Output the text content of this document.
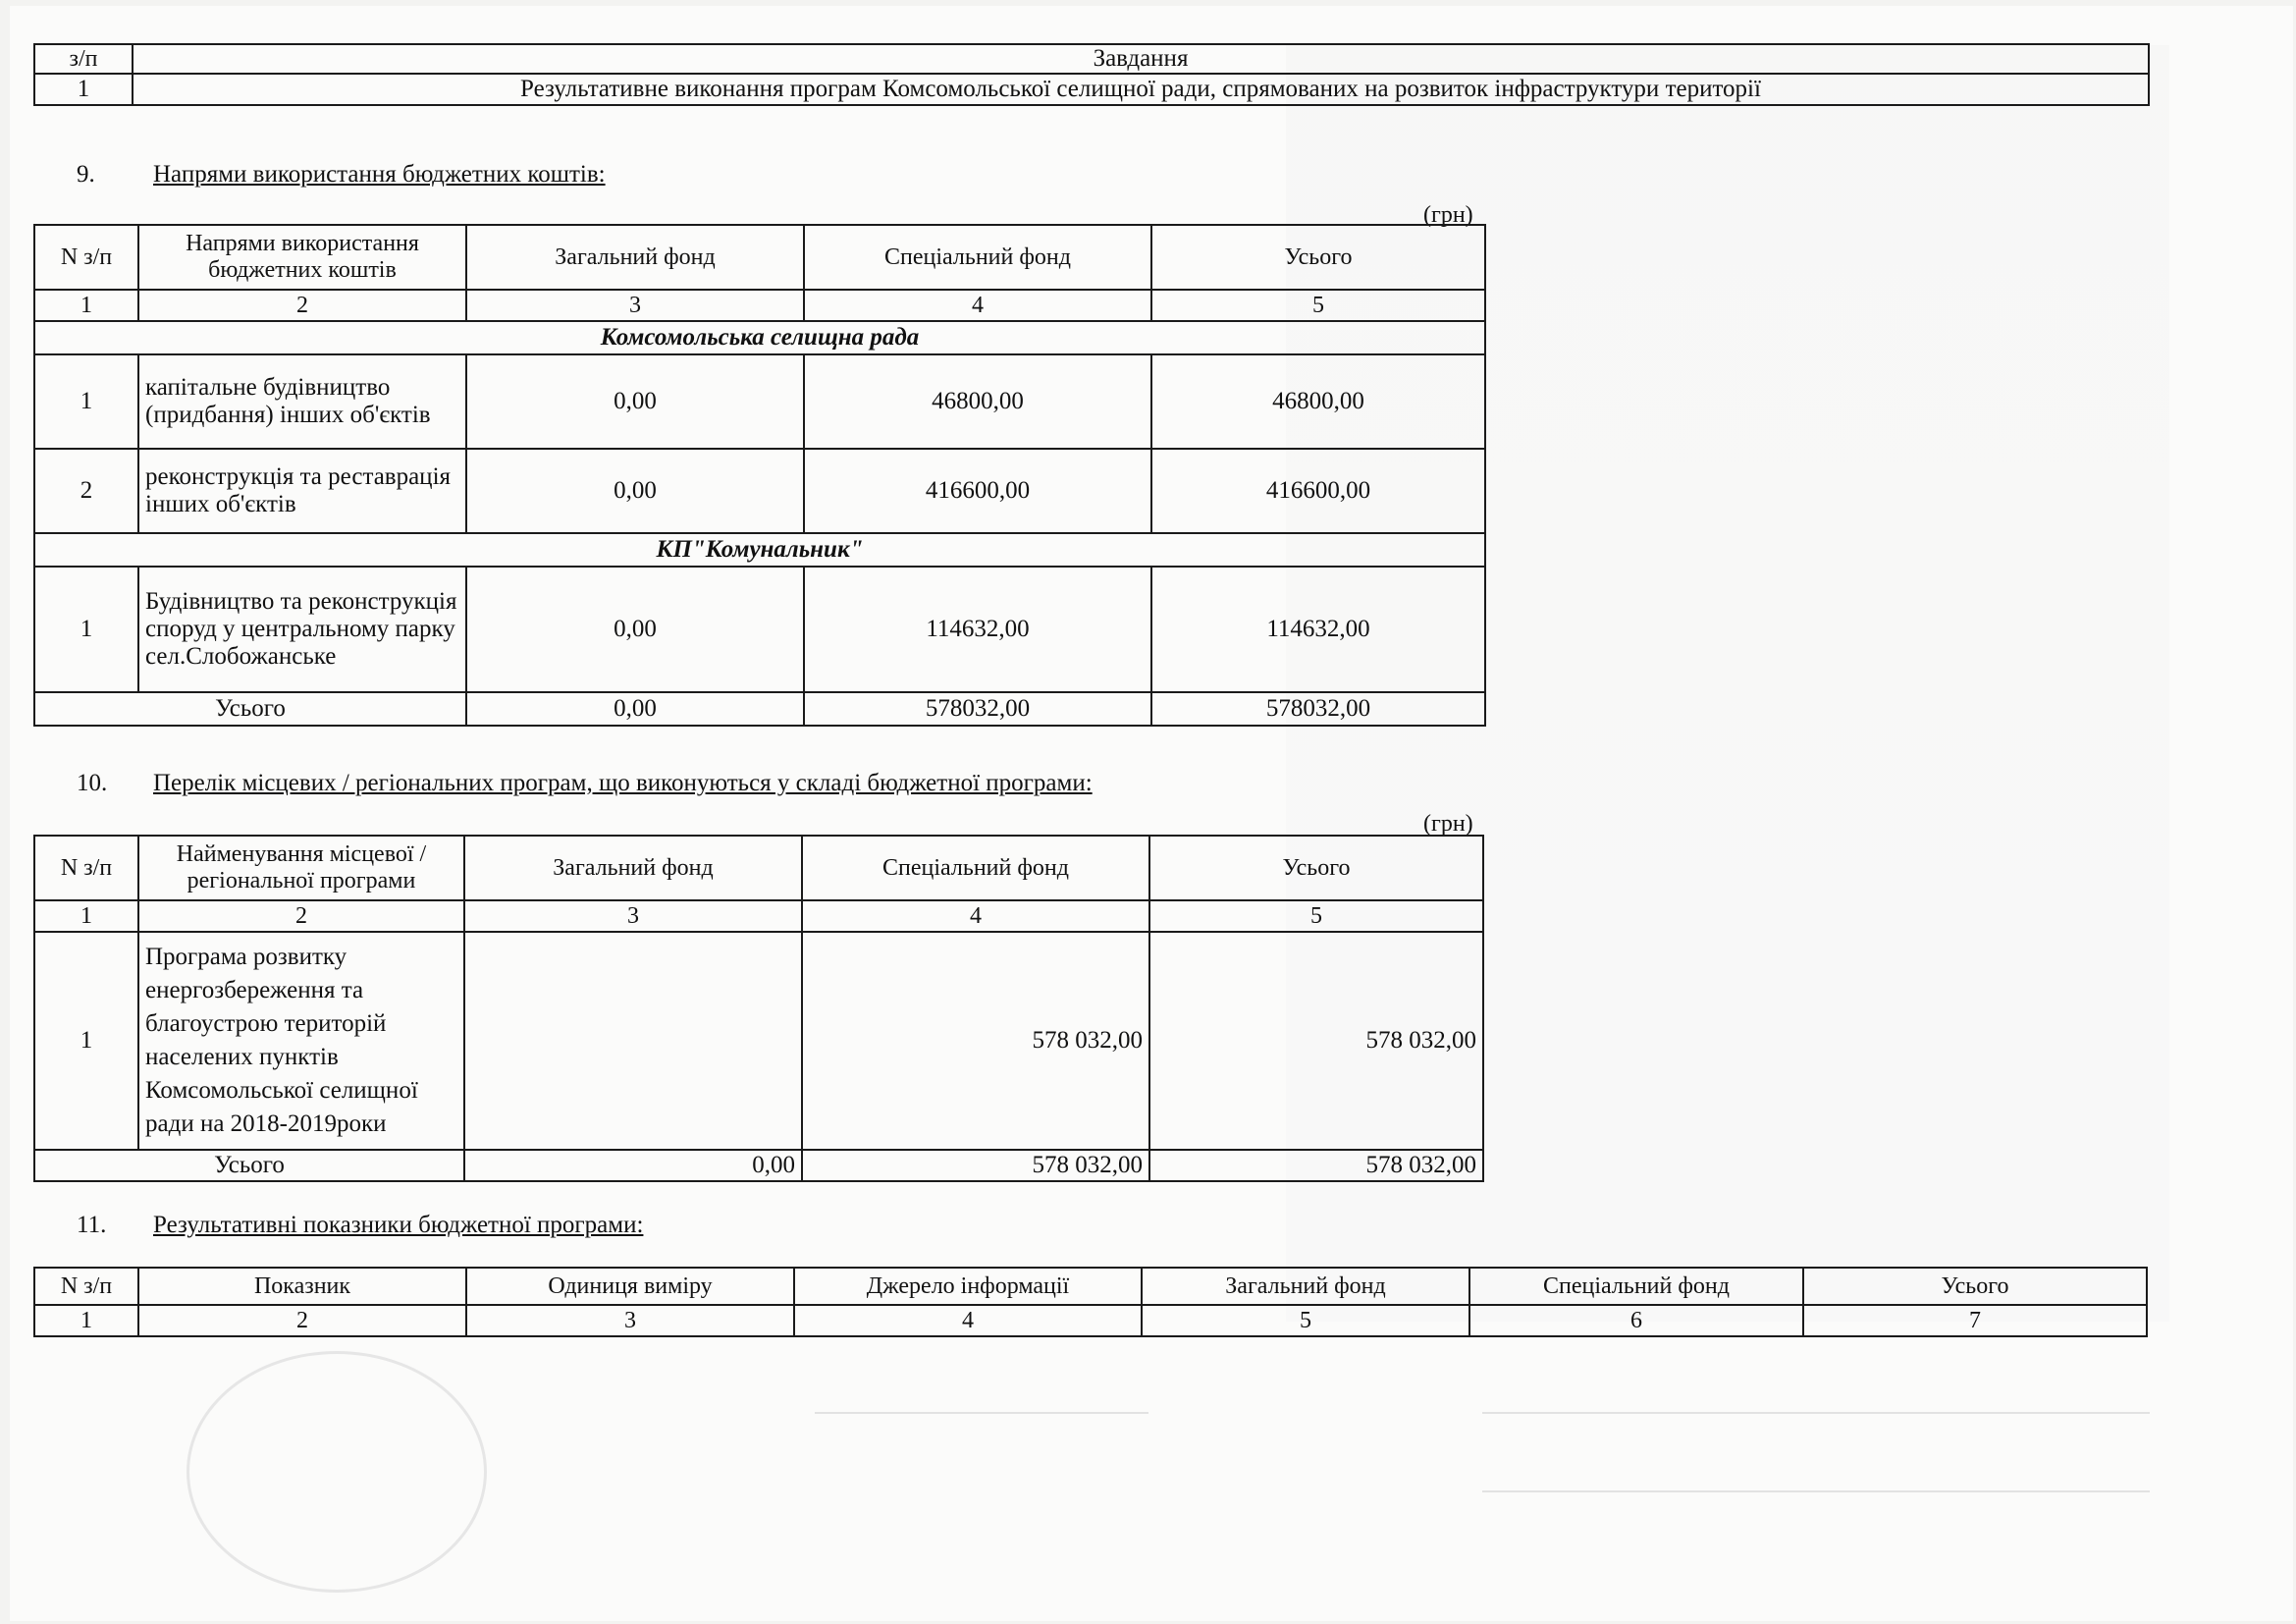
з/п	Завдання
1	Результативне виконання програм Комсомольської селищної ради, спрямованих на розвиток інфраструктури території
9. Напрями використання бюджетних коштів:
(грн)
N з/п	Напрями використання бюджетних коштів	Загальний фонд	Спеціальний фонд	Усього
1	2	3	4	5
Комсомольська селищна рада				
1	капітальне будівництво (придбання) інших об'єктів	0,00	46800,00	46800,00
2	реконструкція та реставрація інших об'єктів	0,00	416600,00	416600,00
КП"Комунальник"				
1	Будівництво та реконструкція споруд у центральному парку сел.Слобожанське	0,00	114632,00	114632,00
Усього		0,00	578032,00	578032,00
10. Перелік місцевих / регіональних програм, що виконуються у складі бюджетної програми:
(грн)
N з/п	Найменування місцевої / регіональної програми	Загальний фонд	Спеціальний фонд	Усього
1	2	3	4	5
1	Програма розвитку енергозбереження та благоустрою територій населених пунктів Комсомольської селищної ради на 2018-2019роки		578 032,00	578 032,00
Усього		0,00	578 032,00	578 032,00
11. Результативні показники бюджетної програми:
N з/п	Показник	Одиниця виміру	Джерело інформації	Загальний фонд	Спеціальний фонд	Усього
1	2	3	4	5	6	7
